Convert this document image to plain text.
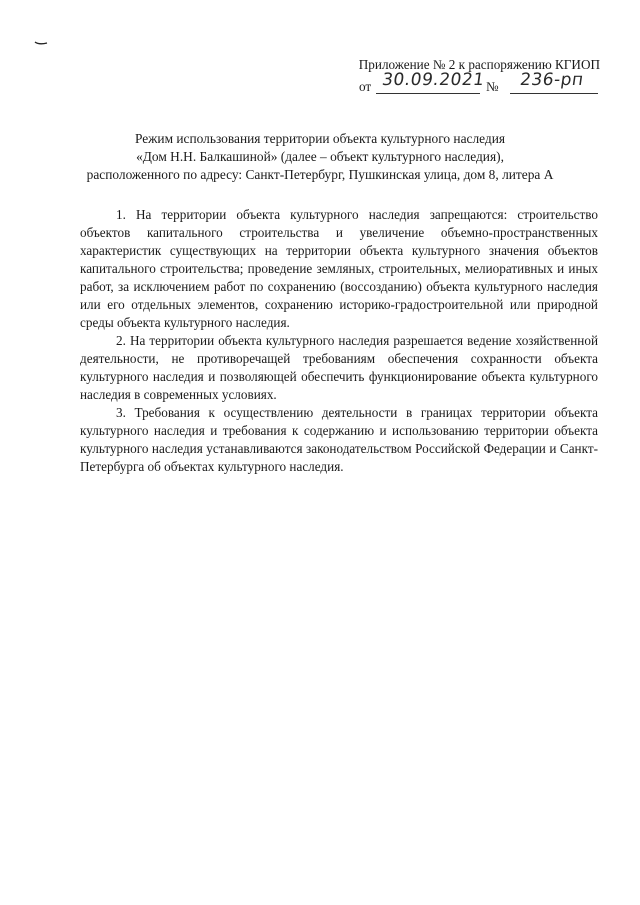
Приложение № 2 к распоряжению КГИОП
от 30.09.2021 № 236-рп
Режим использования территории объекта культурного наследия
«Дом Н.Н. Балкашиной» (далее – объект культурного наследия),
расположенного по адресу: Санкт-Петербург, Пушкинская улица, дом 8, литера А

1. На территории объекта культурного наследия запрещаются: строительство объектов капитального строительства и увеличение объемно-пространственных характеристик существующих на территории объекта культурного значения объектов капитального строительства; проведение земляных, строительных, мелиоративных и иных работ, за исключением работ по сохранению (воссозданию) объекта культурного наследия или его отдельных элементов, сохранению историко-градостроительной или природной среды объекта культурного наследия.

2. На территории объекта культурного наследия разрешается ведение хозяйственной деятельности, не противоречащей требованиям обеспечения сохранности объекта культурного наследия и позволяющей обеспечить функционирование объекта культурного наследия в современных условиях.

3. Требования к осуществлению деятельности в границах территории объекта культурного наследия и требования к содержанию и использованию территории объекта культурного наследия устанавливаются законодательством Российской Федерации и Санкт-Петербурга об объектах культурного наследия.
